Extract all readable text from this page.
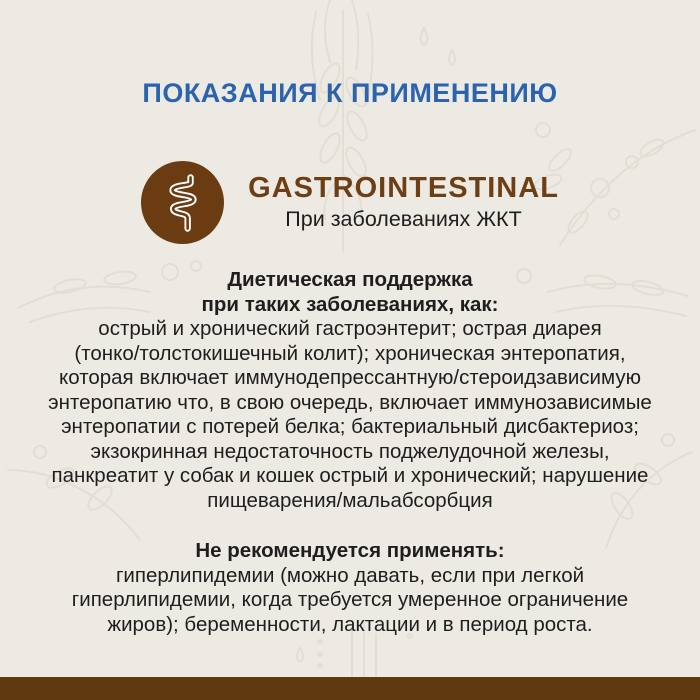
ПОКАЗАНИЯ К ПРИМЕНЕНИЮ
GASTROINTESTINAL
При заболеваниях ЖКТ
Диетическая поддержка
при таких заболеваниях, как:
острый и хронический гастроэнтерит; острая диарея
(тонко/толстокишечный колит); хроническая энтеропатия,
которая включает иммунодепрессантную/стероидзависимую
энтеропатию что, в свою очередь, включает иммунозависимые
энтеропатии с потерей белка; бактериальный дисбактериоз;
экзокринная недостаточность поджелудочной железы,
панкреатит у собак и кошек острый и хронический; нарушение
пищеварения/мальабсорбция
Не рекомендуется применять:
гиперлипидемии (можно давать, если при легкой
гиперлипидемии, когда требуется умеренное ограничение
жиров); беременности, лактации и в период роста.
